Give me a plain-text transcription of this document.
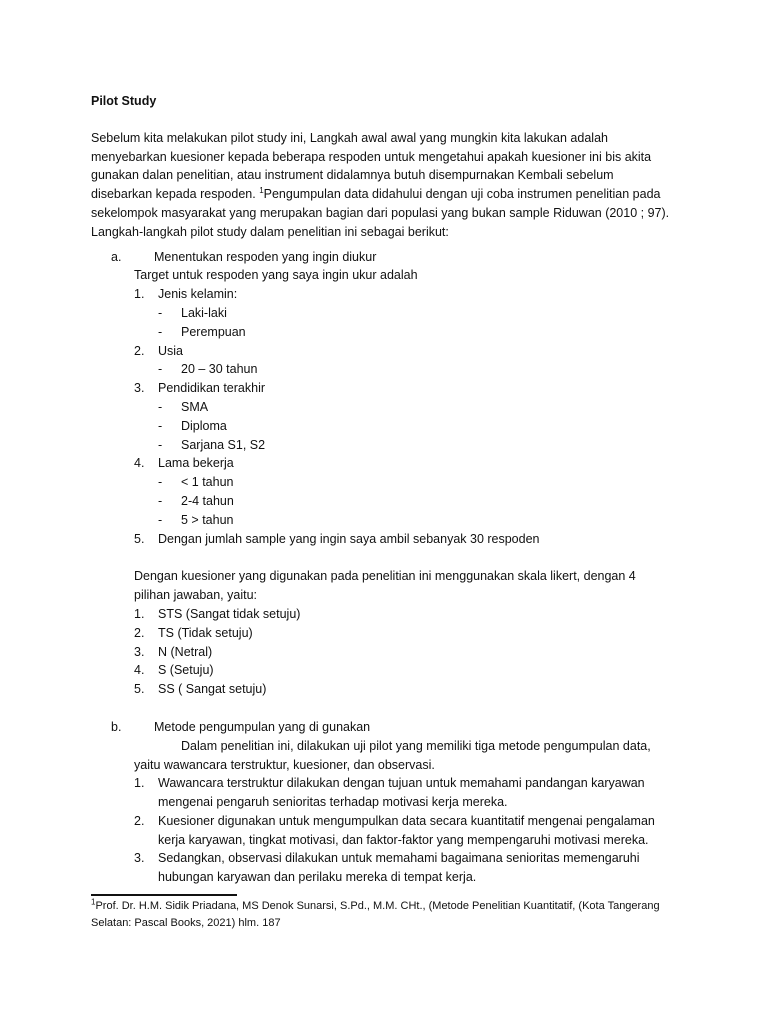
Pilot Study

Sebelum kita melakukan pilot study ini, Langkah awal awal yang mungkin kita lakukan adalah

menyebarkan kuesioner kepada beberapa respoden untuk mengetahui apakah kuesioner ini bis akita

gunakan dalan penelitian, atau instrument didalamnya butuh disempurnakan Kembali sebelum

disebarkan kepada respoden. $^1$Pengumpulan data didahului dengan uji coba instrumen penelitian pada

sekelompok masyarakat yang merupakan bagian dari populasi yang bukan sample Riduwan (2010 ; 97).

Langkah-langkah pilot study dalam penelitian ini sebagai berikut:

a.	Menentukan respoden yang ingin diukur

Target untuk respoden yang saya ingin ukur adalah

1.	Jenis kelamin:
-	Laki-laki
-	Perempuan
2.	Usia
-	20 – 30 tahun
3.	Pendidikan terakhir
-	SMA
-	Diploma
-	Sarjana S1, S2
4.	Lama bekerja
-	< 1 tahun
-	2-4 tahun
-	5 > tahun
5.	Dengan jumlah sample yang ingin saya ambil sebanyak 30 respoden

Dengan kuesioner yang digunakan pada penelitian ini menggunakan skala likert, dengan 4

pilihan jawaban, yaitu:

1.	STS (Sangat tidak setuju)
2.	TS (Tidak setuju)
3.	N (Netral)
4.	S (Setuju)
5.	SS ( Sangat setuju)
b.	Metode pengumpulan yang di gunakan

Dalam penelitian ini, dilakukan uji pilot yang memiliki tiga metode pengumpulan data,

yaitu wawancara terstruktur, kuesioner, dan observasi.

1.	Wawancara terstruktur dilakukan dengan tujuan untuk memahami pandangan karyawan
mengenai pengaruh senioritas terhadap motivasi kerja mereka.
2.	Kuesioner digunakan untuk mengumpulkan data secara kuantitatif mengenai pengalaman
kerja karyawan, tingkat motivasi, dan faktor-faktor yang mempengaruhi motivasi mereka.
3.	Sedangkan, observasi dilakukan untuk memahami bagaimana senioritas memengaruhi
hubungan karyawan dan perilaku mereka di tempat kerja.
$^1$Prof. Dr. H.M. Sidik Priadana, MS Denok Sunarsi, S.Pd., M.M. CHt., (Metode Penelitian Kuantitatif, (Kota Tangerang
Selatan: Pascal Books, 2021) hlm. 187
